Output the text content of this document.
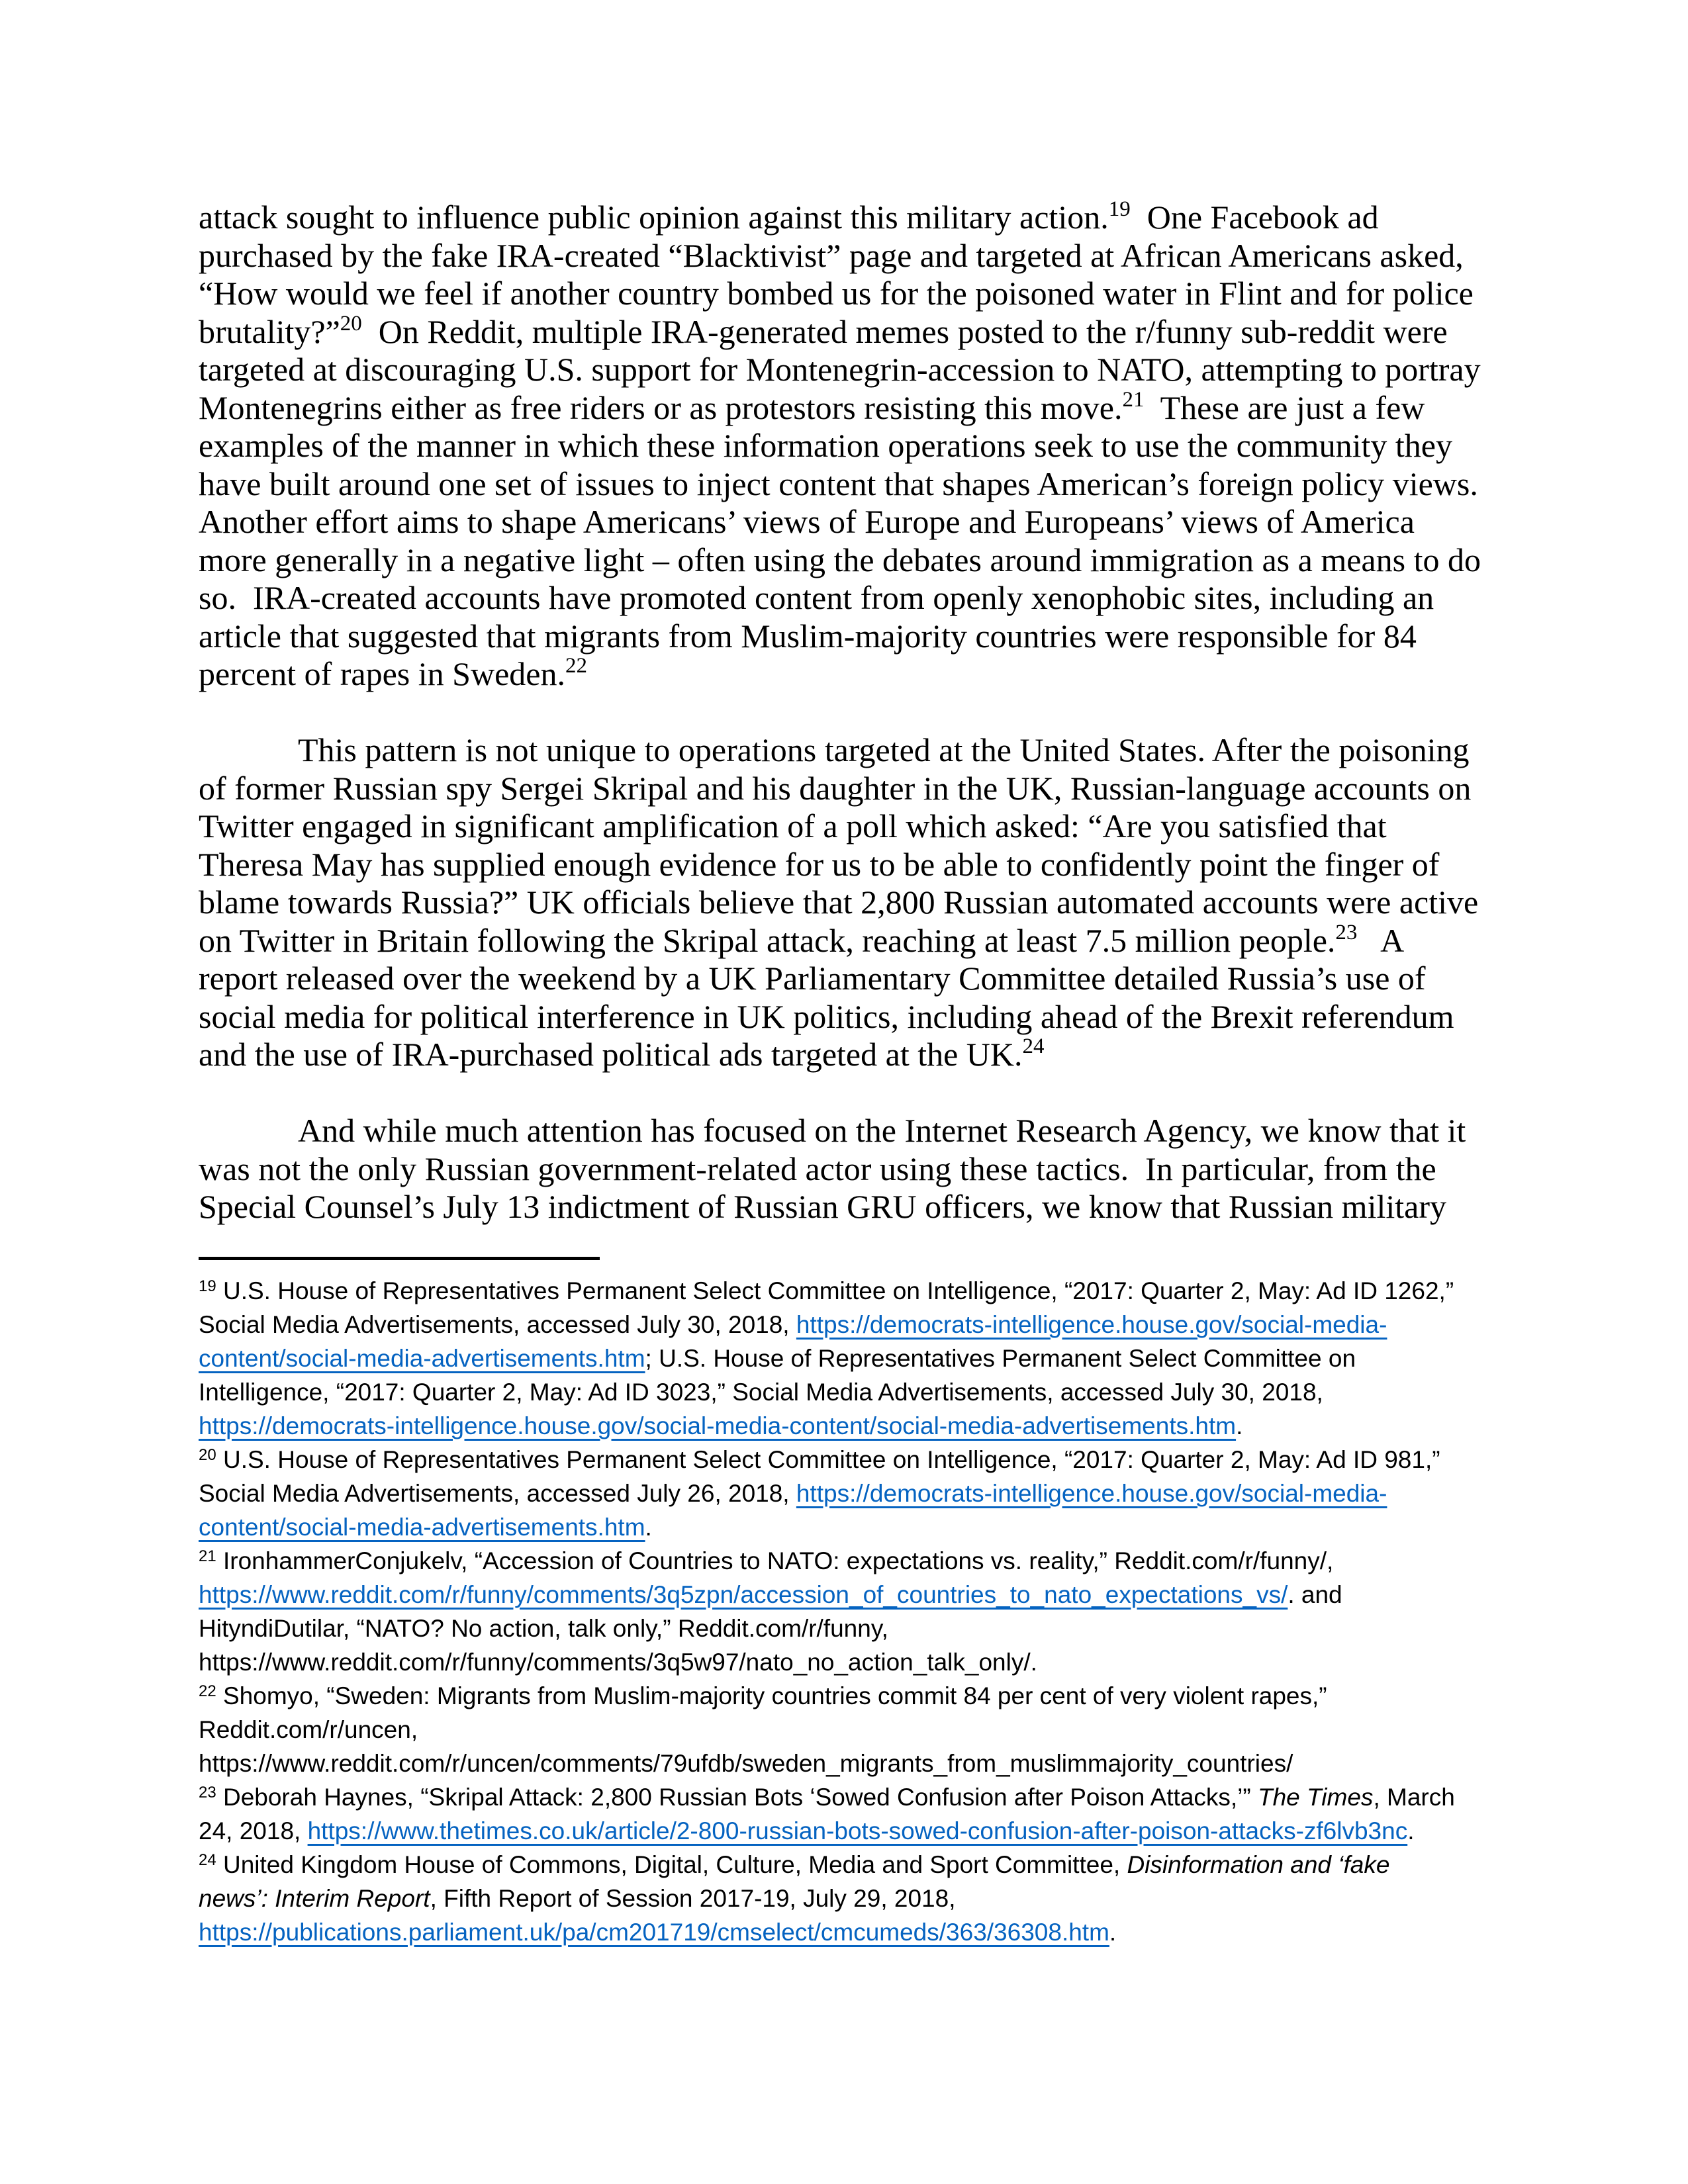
attack sought to influence public opinion against this military action.$^{19}$  One Facebook ad
purchased by the fake IRA-created “Blacktivist” page and targeted at African Americans asked,
“How would we feel if another country bombed us for the poisoned water in Flint and for police
brutality?”$^{20}$  On Reddit, multiple IRA-generated memes posted to the r/funny sub-reddit were
targeted at discouraging U.S. support for Montenegrin-accession to NATO, attempting to portray
Montenegrins either as free riders or as protestors resisting this move.$^{21}$  These are just a few
examples of the manner in which these information operations seek to use the community they
have built around one set of issues to inject content that shapes American’s foreign policy views.
Another effort aims to shape Americans’ views of Europe and Europeans’ views of America
more generally in a negative light – often using the debates around immigration as a means to do
so.  IRA-created accounts have promoted content from openly xenophobic sites, including an
article that suggested that migrants from Muslim-majority countries were responsible for 84
percent of rapes in Sweden.$^{22}$
This pattern is not unique to operations targeted at the United States. After the poisoning
of former Russian spy Sergei Skripal and his daughter in the UK, Russian-language accounts on
Twitter engaged in significant amplification of a poll which asked: “Are you satisfied that
Theresa May has supplied enough evidence for us to be able to confidently point the finger of
blame towards Russia?” UK officials believe that 2,800 Russian automated accounts were active
on Twitter in Britain following the Skripal attack, reaching at least 7.5 million people.$^{23}$   A
report released over the weekend by a UK Parliamentary Committee detailed Russia’s use of
social media for political interference in UK politics, including ahead of the Brexit referendum
and the use of IRA-purchased political ads targeted at the UK.$^{24}$
And while much attention has focused on the Internet Research Agency, we know that it
was not the only Russian government-related actor using these tactics.  In particular, from the
Special Counsel’s July 13 indictment of Russian GRU officers, we know that Russian military
$^{19}$ U.S. House of Representatives Permanent Select Committee on Intelligence, “2017: Quarter 2, May: Ad ID 1262,”
Social Media Advertisements, accessed July 30, 2018, https://democrats-intelligence.house.gov/social-media-
content/social-media-advertisements.htm; U.S. House of Representatives Permanent Select Committee on
Intelligence, “2017: Quarter 2, May: Ad ID 3023,” Social Media Advertisements, accessed July 30, 2018,
https://democrats-intelligence.house.gov/social-media-content/social-media-advertisements.htm.
$^{20}$ U.S. House of Representatives Permanent Select Committee on Intelligence, “2017: Quarter 2, May: Ad ID 981,”
Social Media Advertisements, accessed July 26, 2018, https://democrats-intelligence.house.gov/social-media-
content/social-media-advertisements.htm.
$^{21}$ IronhammerConjukelv, “Accession of Countries to NATO: expectations vs. reality,” Reddit.com/r/funny/,
https://www.reddit.com/r/funny/comments/3q5zpn/accession_of_countries_to_nato_expectations_vs/. and
HityndiDutilar, “NATO? No action, talk only,” Reddit.com/r/funny,
https://www.reddit.com/r/funny/comments/3q5w97/nato_no_action_talk_only/.
$^{22}$ Shomyo, “Sweden: Migrants from Muslim-majority countries commit 84 per cent of very violent rapes,”
Reddit.com/r/uncen,
https://www.reddit.com/r/uncen/comments/79ufdb/sweden_migrants_from_muslimmajority_countries/
$^{23}$ Deborah Haynes, “Skripal Attack: 2,800 Russian Bots ‘Sowed Confusion after Poison Attacks,’” The Times, March
24, 2018, https://www.thetimes.co.uk/article/2-800-russian-bots-sowed-confusion-after-poison-attacks-zf6lvb3nc.
$^{24}$ United Kingdom House of Commons, Digital, Culture, Media and Sport Committee, Disinformation and ‘fake
news’: Interim Report, Fifth Report of Session 2017-19, July 29, 2018,
https://publications.parliament.uk/pa/cm201719/cmselect/cmcumeds/363/36308.htm.
